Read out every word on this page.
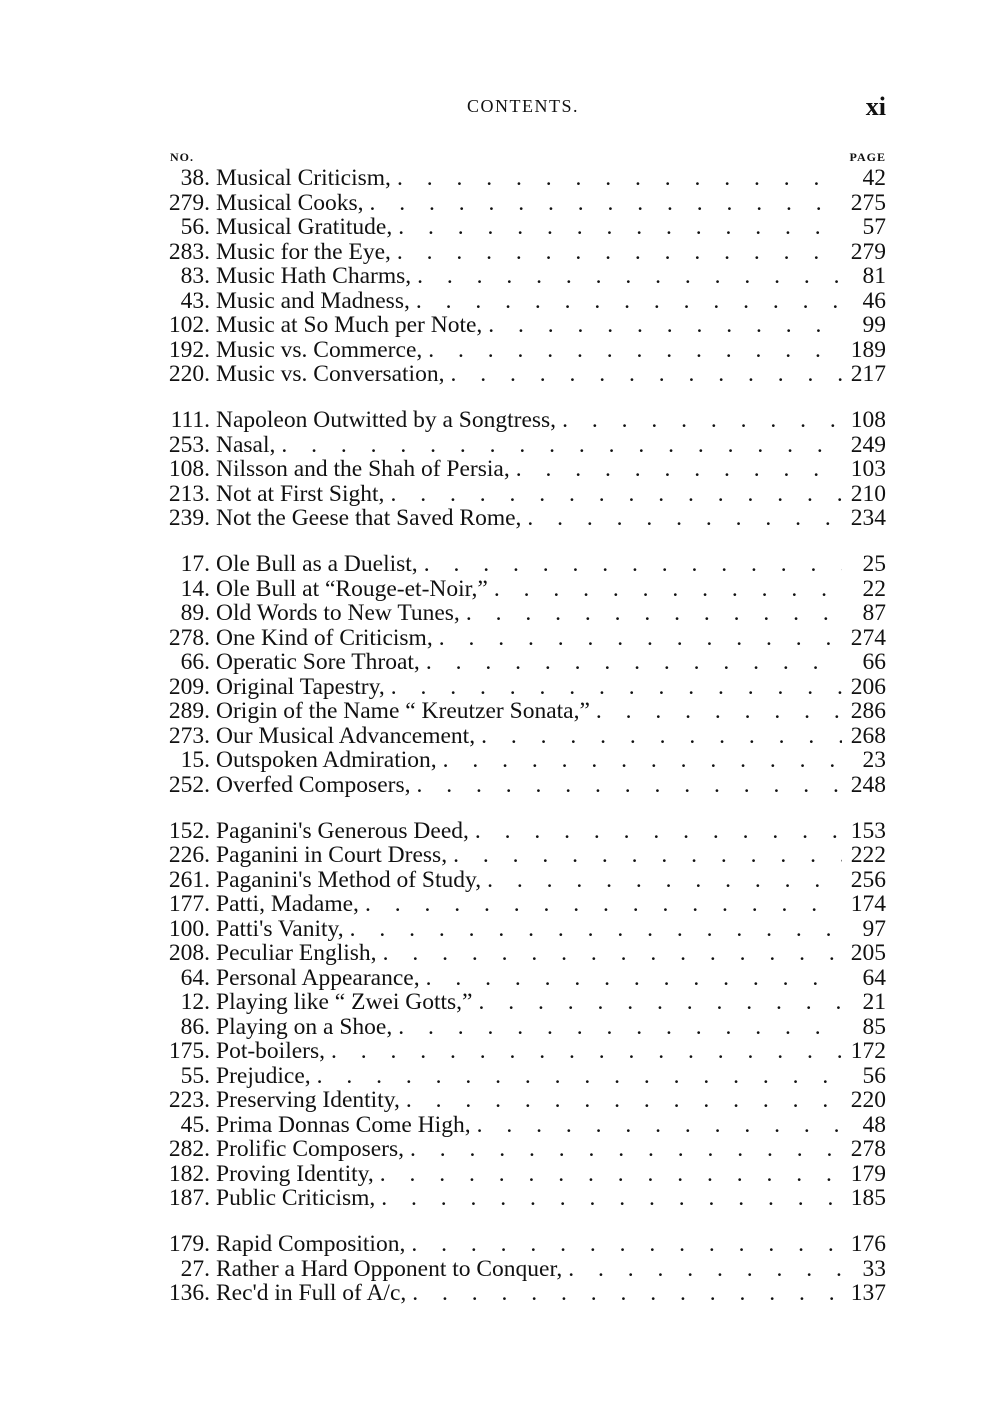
CONTENTS.	xi
NO.	PAGE
38. Musical Criticism, . . .	42
279. Musical Cooks, . . .	275
56. Musical Gratitude, . . .	57
283. Music for the Eye, . . .	279
83. Music Hath Charms, . . .	81
43. Music and Madness, . . .	46
102. Music at So Much per Note, . . .	99
192. Music vs. Commerce, . . .	189
220. Music vs. Conversation, . . .	217
111. Napoleon Outwitted by a Songtress, . . .	108
253. Nasal, . . .	249
108. Nilsson and the Shah of Persia, . . .	103
213. Not at First Sight, . . .	210
239. Not the Geese that Saved Rome, . . .	234
17. Ole Bull as a Duelist, . . .	25
14. Ole Bull at “Rouge-et-Noir,” . . .	22
89. Old Words to New Tunes, . . .	87
278. One Kind of Criticism, . . .	274
66. Operatic Sore Throat, . . .	66
209. Original Tapestry, . . .	206
289. Origin of the Name “ Kreutzer Sonata,” . . .	286
273. Our Musical Advancement, . . .	268
15. Outspoken Admiration, . . .	23
252. Overfed Composers, . . .	248
152. Paganini's Generous Deed, . . .	153
226. Paganini in Court Dress, . . .	222
261. Paganini's Method of Study, . . .	256
177. Patti, Madame, . . .	174
100. Patti's Vanity, . . .	97
208. Peculiar English, . . .	205
64. Personal Appearance, . . .	64
12. Playing like “ Zwei Gotts,” . . .	21
86. Playing on a Shoe, . . .	85
175. Pot-boilers, . . .	172
55. Prejudice, . . .	56
223. Preserving Identity, . . .	220
45. Prima Donnas Come High, . . .	48
282. Prolific Composers, . . .	278
182. Proving Identity, . . .	179
187. Public Criticism, . . .	185
179. Rapid Composition, . . .	176
27. Rather a Hard Opponent to Conquer, . . .	33
136. Rec'd in Full of A/c, . . .	137
